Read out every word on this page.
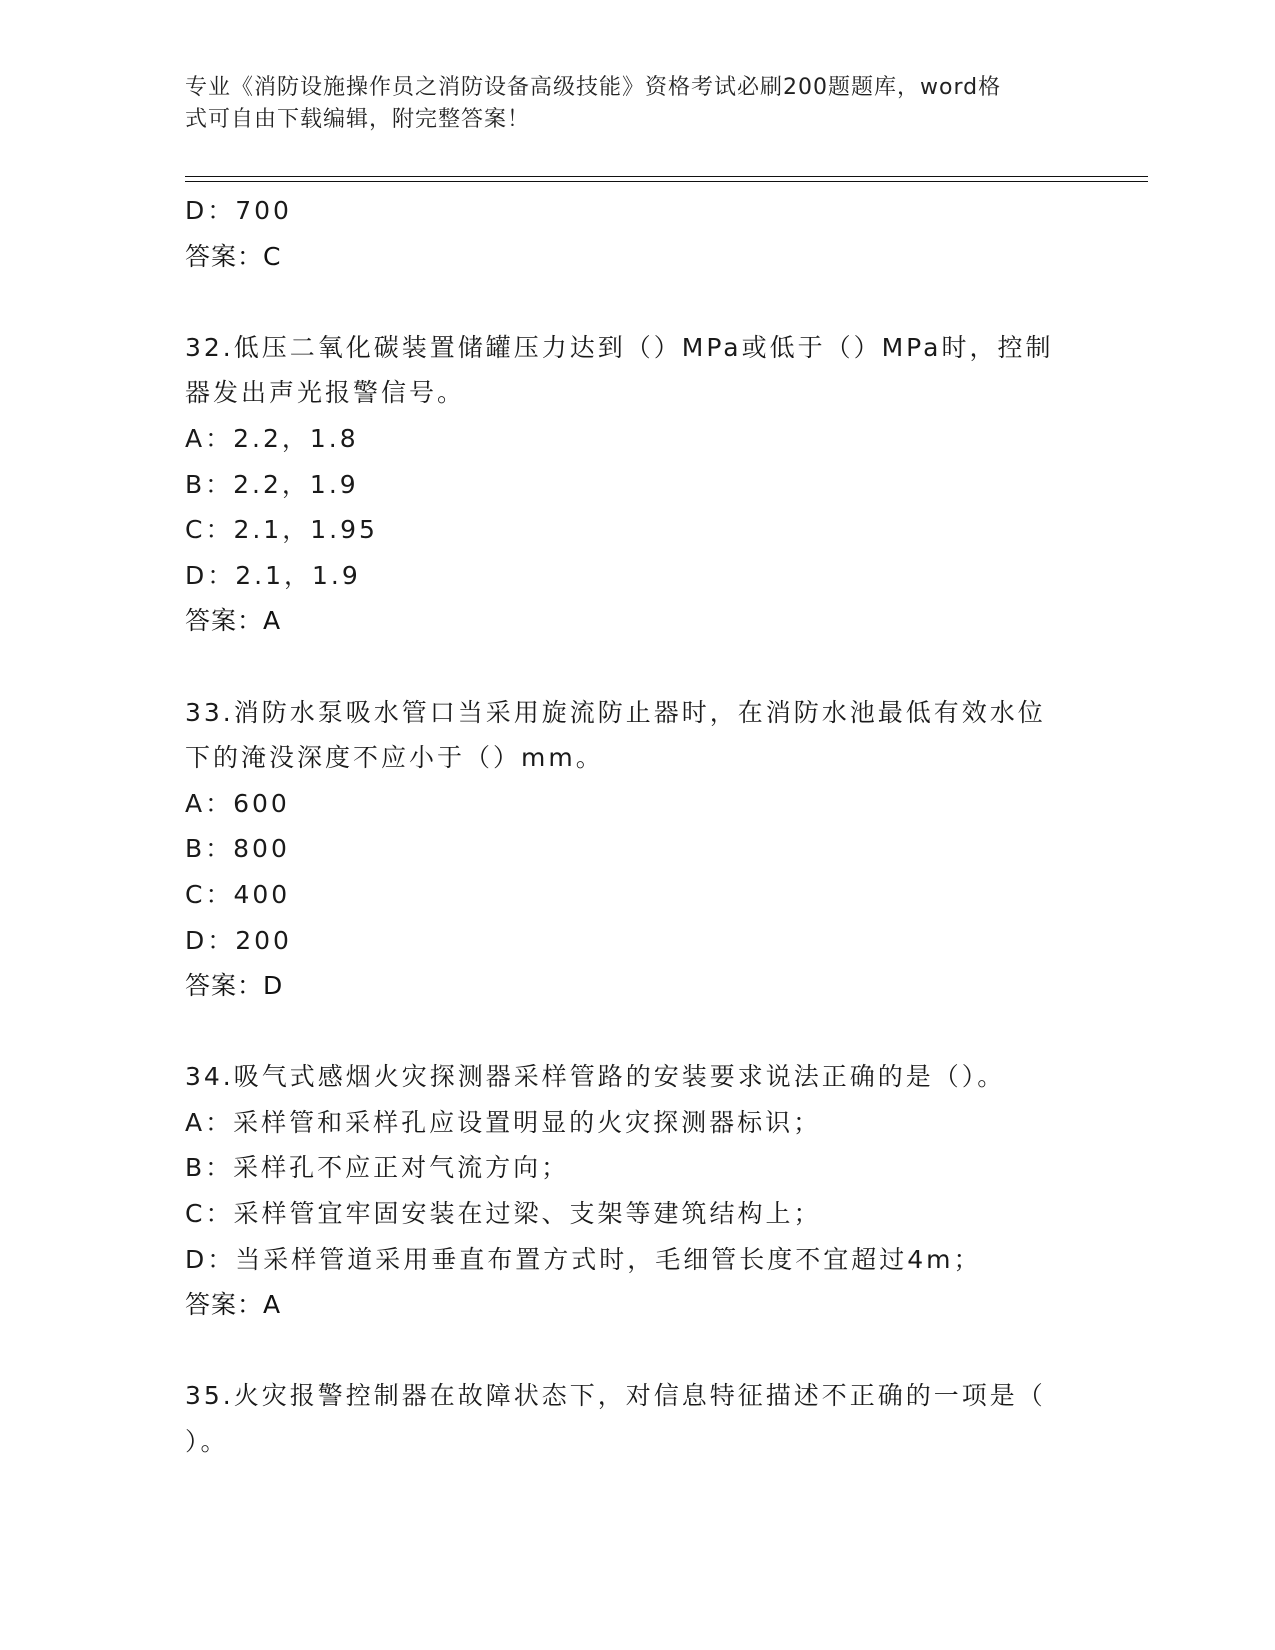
专业《消防设施操作员之消防设备高级技能》资格考试必刷200题题库，word格
式可自由下载编辑，附完整答案！
D：700
答案：C
32.低压二氧化碳装置储罐压力达到（）MPa或低于（）MPa时，控制
器发出声光报警信号。
A：2.2，1.8
B：2.2，1.9
C：2.1，1.95
D：2.1，1.9
答案：A
33.消防水泵吸水管口当采用旋流防止器时，在消防水池最低有效水位
下的淹没深度不应小于（）mm。
A：600
B：800
C：400
D：200
答案：D
34.吸气式感烟火灾探测器采样管路的安装要求说法正确的是（）。
A：采样管和采样孔应设置明显的火灾探测器标识；
B：采样孔不应正对气流方向；
C：采样管宜牢固安装在过梁、支架等建筑结构上；
D：当采样管道采用垂直布置方式时，毛细管长度不宜超过4m；
答案：A
35.火灾报警控制器在故障状态下，对信息特征描述不正确的一项是（
）。
